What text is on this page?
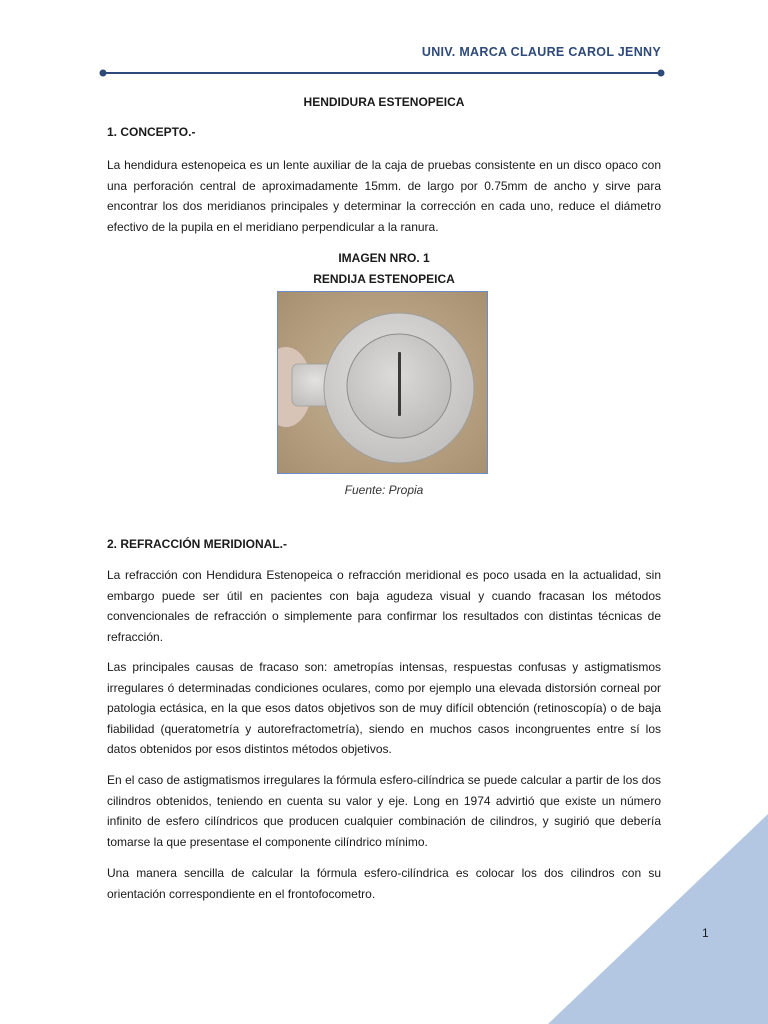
UNIV. MARCA CLAURE CAROL JENNY
HENDIDURA ESTENOPEICA
1. CONCEPTO.-

La hendidura estenopeica es un lente auxiliar de la caja de pruebas consistente en un disco opaco con una perforación central de aproximadamente 15mm. de largo por 0.75mm de ancho y sirve para encontrar los dos meridianos principales y determinar la corrección en cada uno, reduce el diámetro efectivo de la pupila en el meridiano perpendicular a la ranura.

IMAGEN NRO. 1
RENDIJA ESTENOPEICA
Fuente: Propia
2. REFRACCIÓN MERIDIONAL.-

La refracción con Hendidura Estenopeica o refracción meridional es poco usada en la actualidad, sin embargo puede ser útil en pacientes con baja agudeza visual y cuando fracasan los métodos convencionales de refracción o simplemente para confirmar los resultados con distintas técnicas de refracción.

Las principales causas de fracaso son: ametropías intensas, respuestas confusas y astigmatismos irregulares ó determinadas condiciones oculares, como por ejemplo una elevada distorsión corneal por patologia ectásica, en la que esos datos objetivos son de muy difícil obtención (retinoscopía) o de baja fiabilidad (queratometría y autorefractometría), siendo en muchos casos incongruentes entre sí los datos obtenidos por esos distintos métodos objetivos.

En el caso de astigmatismos irregulares la fórmula esfero-cilíndrica se puede calcular a partir de los dos cilindros obtenidos, teniendo en cuenta su valor y eje. Long en 1974 advirtió que existe un número infinito de esfero cilíndricos que producen cualquier combinación de cilindros, y sugirió que debería tomarse la que presentase el componente cilíndrico mínimo.

Una manera sencilla de calcular la fórmula esfero-cilíndrica es colocar los dos cilindros con su orientación correspondiente en el frontofocometro.

1
